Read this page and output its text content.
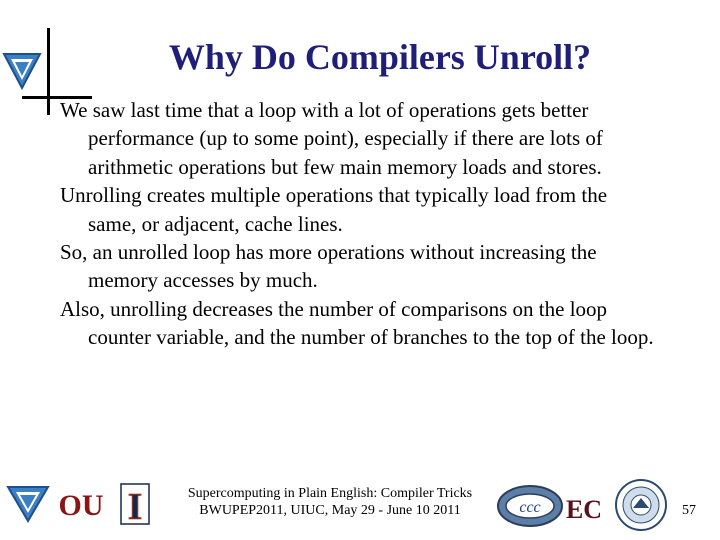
Why Do Compilers Unroll?

We saw last time that a loop with a lot of operations gets better performance (up to some point), especially if there are lots of arithmetic operations but few main memory loads and stores.

Unrolling creates multiple operations that typically load from the same, or adjacent, cache lines.

So, an unrolled loop has more operations without increasing the memory accesses by much.

Also, unrolling decreases the number of comparisons on the loop counter variable, and the number of branches to the top of the loop.

OU I	Supercomputing in Plain English: Compiler Tricks
BWUPEP2011, UIUC, May 29 - June 10 2011	ccc EC	57
